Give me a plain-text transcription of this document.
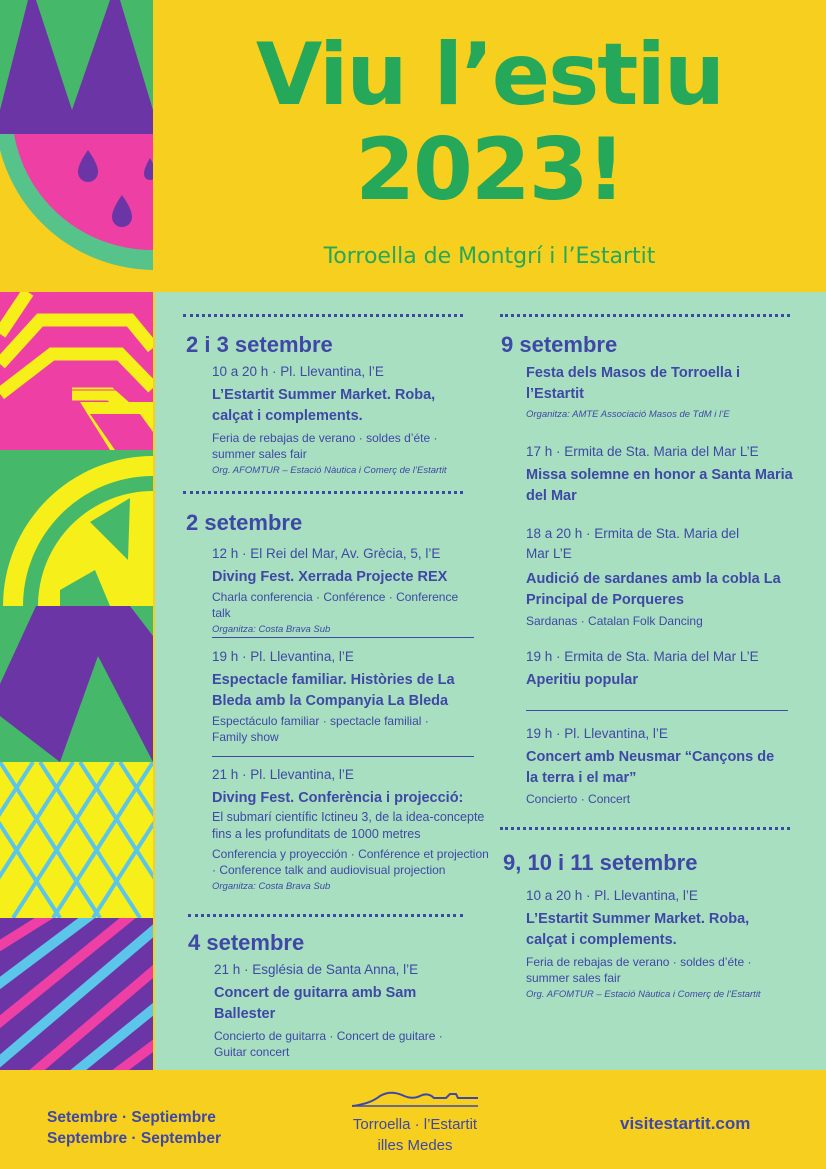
Viu l’estiu
2023!
Torroella de Montgrí i l’Estartit
2 i 3 setembre
10 a 20 h · Pl. Llevantina, l’E
L’Estartit Summer Market. Roba, calçat i complements.
Feria de rebajas de verano · soldes d’éte · summer sales fair
Org. AFOMTUR – Estació Nàutica i Comerç de l’Estartit
2 setembre
12 h · El Rei del Mar, Av. Grècia, 5, l’E
Diving Fest. Xerrada Projecte REX
Charla conferencia · Conférence · Conference talk
Organitza: Costa Brava Sub
19 h · Pl. Llevantina, l’E
Espectacle familiar. Històries de La Bleda amb la Companyia La Bleda
Espectáculo familiar · spectacle familial · Family show
21 h · Pl. Llevantina, l’E
Diving Fest. Conferència i projecció:
El submarí científic Ictineu 3, de la idea-concepte fins a les profunditats de 1000 metres
Conferencia y proyección · Conférence et projection · Conference talk and audiovisual projection
Organitza: Costa Brava Sub
4 setembre
21 h · Església de Santa Anna, l’E
Concert de guitarra amb Sam Ballester
Concierto de guitarra · Concert de guitare · Guitar concert
9 setembre
Festa dels Masos de Torroella i l’Estartit
Organitza: AMTE Associació Masos de TdM i l’E
17 h · Ermita de Sta. Maria del Mar L’E
Missa solemne en honor a Santa Maria del Mar
18 a 20 h · Ermita de Sta. Maria del Mar L’E
Audició de sardanes amb la cobla La Principal de Porqueres
Sardanas · Catalan Folk Dancing
19 h · Ermita de Sta. Maria del Mar L’E
Aperitiu popular
19 h · Pl. Llevantina, l’E
Concert amb Neusmar “Cançons de la terra i el mar”
Concierto · Concert
9, 10 i 11 setembre
10 a 20 h · Pl. Llevantina, l’E
L’Estartit Summer Market. Roba, calçat i complements.
Feria de rebajas de verano · soldes d’éte · summer sales fair
Org. AFOMTUR – Estació Nàutica i Comerç de l’Estartit
Setembre · Septiembre
Septembre · September
Torroella · l’Estartit
illes Medes
visitestartit.com
